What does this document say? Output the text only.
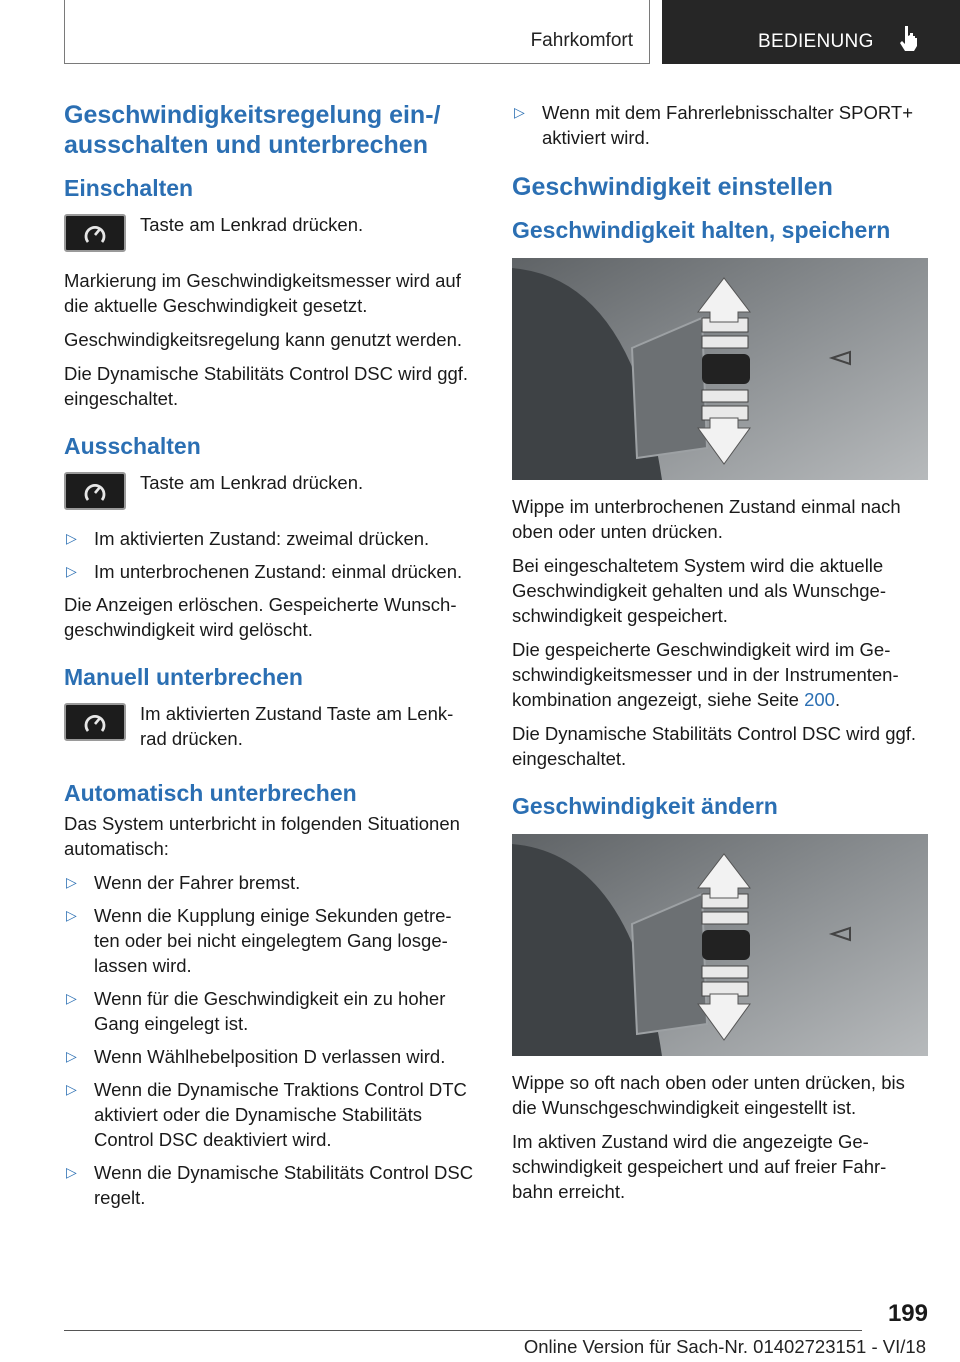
Fahrkomfort	BEDIENUNG
Geschwindigkeitsregelung ein-/ ausschalten und unterbrechen
Einschalten
Taste am Lenkrad drücken.
Markierung im Geschwindigkeitsmesser wird auf die aktuelle Geschwindigkeit gesetzt.
Geschwindigkeitsregelung kann genutzt werden.
Die Dynamische Stabilitäts Control DSC wird ggf. eingeschaltet.
Ausschalten
Taste am Lenkrad drücken.
▷ Im aktivierten Zustand: zweimal drücken.
▷ Im unterbrochenen Zustand: einmal drücken.
Die Anzeigen erlöschen. Gespeicherte Wunsch- geschwindigkeit wird gelöscht.
Manuell unterbrechen
Im aktivierten Zustand Taste am Lenk- rad drücken.
Automatisch unterbrechen
Das System unterbricht in folgenden Situationen automatisch:
▷ Wenn der Fahrer bremst.
▷ Wenn die Kupplung einige Sekunden getre- ten oder bei nicht eingelegtem Gang losge- lassen wird.
▷ Wenn für die Geschwindigkeit ein zu hoher Gang eingelegt ist.
▷ Wenn Wählhebelposition D verlassen wird.
▷ Wenn die Dynamische Traktions Control DTC aktiviert oder die Dynamische Stabilitäts Control DSC deaktiviert wird.
▷ Wenn die Dynamische Stabilitäts Control DSC regelt.
▷ Wenn mit dem Fahrerlebnisschalter SPORT+ aktiviert wird.
Geschwindigkeit einstellen
Geschwindigkeit halten, speichern
Wippe im unterbrochenen Zustand einmal nach oben oder unten drücken.
Bei eingeschaltetem System wird die aktuelle Geschwindigkeit gehalten und als Wunschge- schwindigkeit gespeichert.
Die gespeicherte Geschwindigkeit wird im Ge- schwindigkeitsmesser und in der Instrumenten- kombination angezeigt, siehe Seite 200.
Die Dynamische Stabilitäts Control DSC wird ggf. eingeschaltet.
Geschwindigkeit ändern
Wippe so oft nach oben oder unten drücken, bis die Wunschgeschwindigkeit eingestellt ist.
Im aktiven Zustand wird die angezeigte Ge- schwindigkeit gespeichert und auf freier Fahr- bahn erreicht.
199
Online Version für Sach-Nr. 01402723151 - VI/18
